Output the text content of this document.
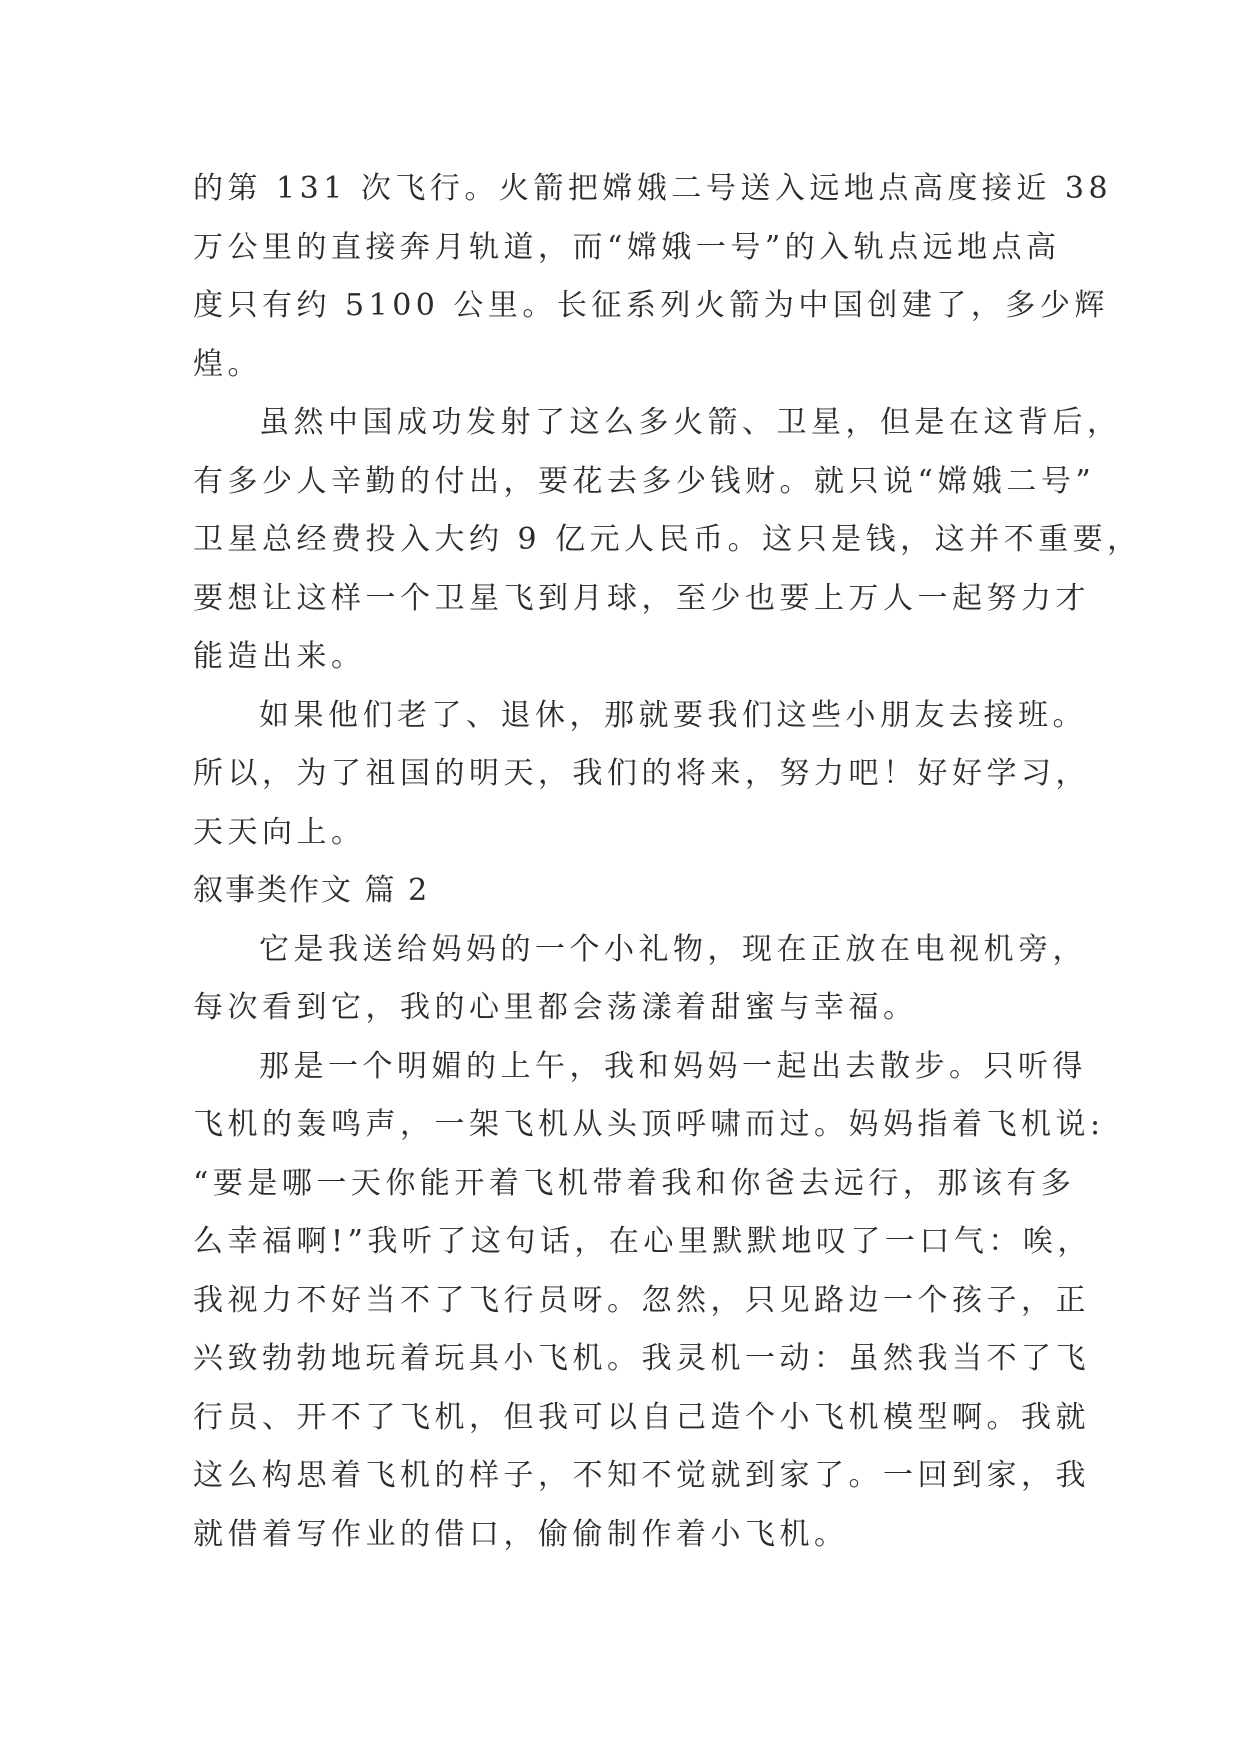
的第 131 次飞行。火箭把嫦娥二号送入远地点高度接近 38
万公里的直接奔月轨道，而“嫦娥一号”的入轨点远地点高
度只有约 5100 公里。长征系列火箭为中国创建了，多少辉
煌。
虽然中国成功发射了这么多火箭、卫星，但是在这背后，
有多少人辛勤的付出，要花去多少钱财。就只说“嫦娥二号”
卫星总经费投入大约 9 亿元人民币。这只是钱，这并不重要，
要想让这样一个卫星飞到月球，至少也要上万人一起努力才
能造出来。
如果他们老了、退休，那就要我们这些小朋友去接班。
所以，为了祖国的明天，我们的将来，努力吧！好好学习，
天天向上。
叙事类作文 篇 2
它是我送给妈妈的一个小礼物，现在正放在电视机旁，
每次看到它，我的心里都会荡漾着甜蜜与幸福。
那是一个明媚的上午，我和妈妈一起出去散步。只听得
飞机的轰鸣声，一架飞机从头顶呼啸而过。妈妈指着飞机说:
“要是哪一天你能开着飞机带着我和你爸去远行，那该有多
么幸福啊!”我听了这句话，在心里默默地叹了一口气：唉，
我视力不好当不了飞行员呀。忽然，只见路边一个孩子，正
兴致勃勃地玩着玩具小飞机。我灵机一动：虽然我当不了飞
行员、开不了飞机，但我可以自己造个小飞机模型啊。我就
这么构思着飞机的样子，不知不觉就到家了。一回到家，我
就借着写作业的借口，偷偷制作着小飞机。
